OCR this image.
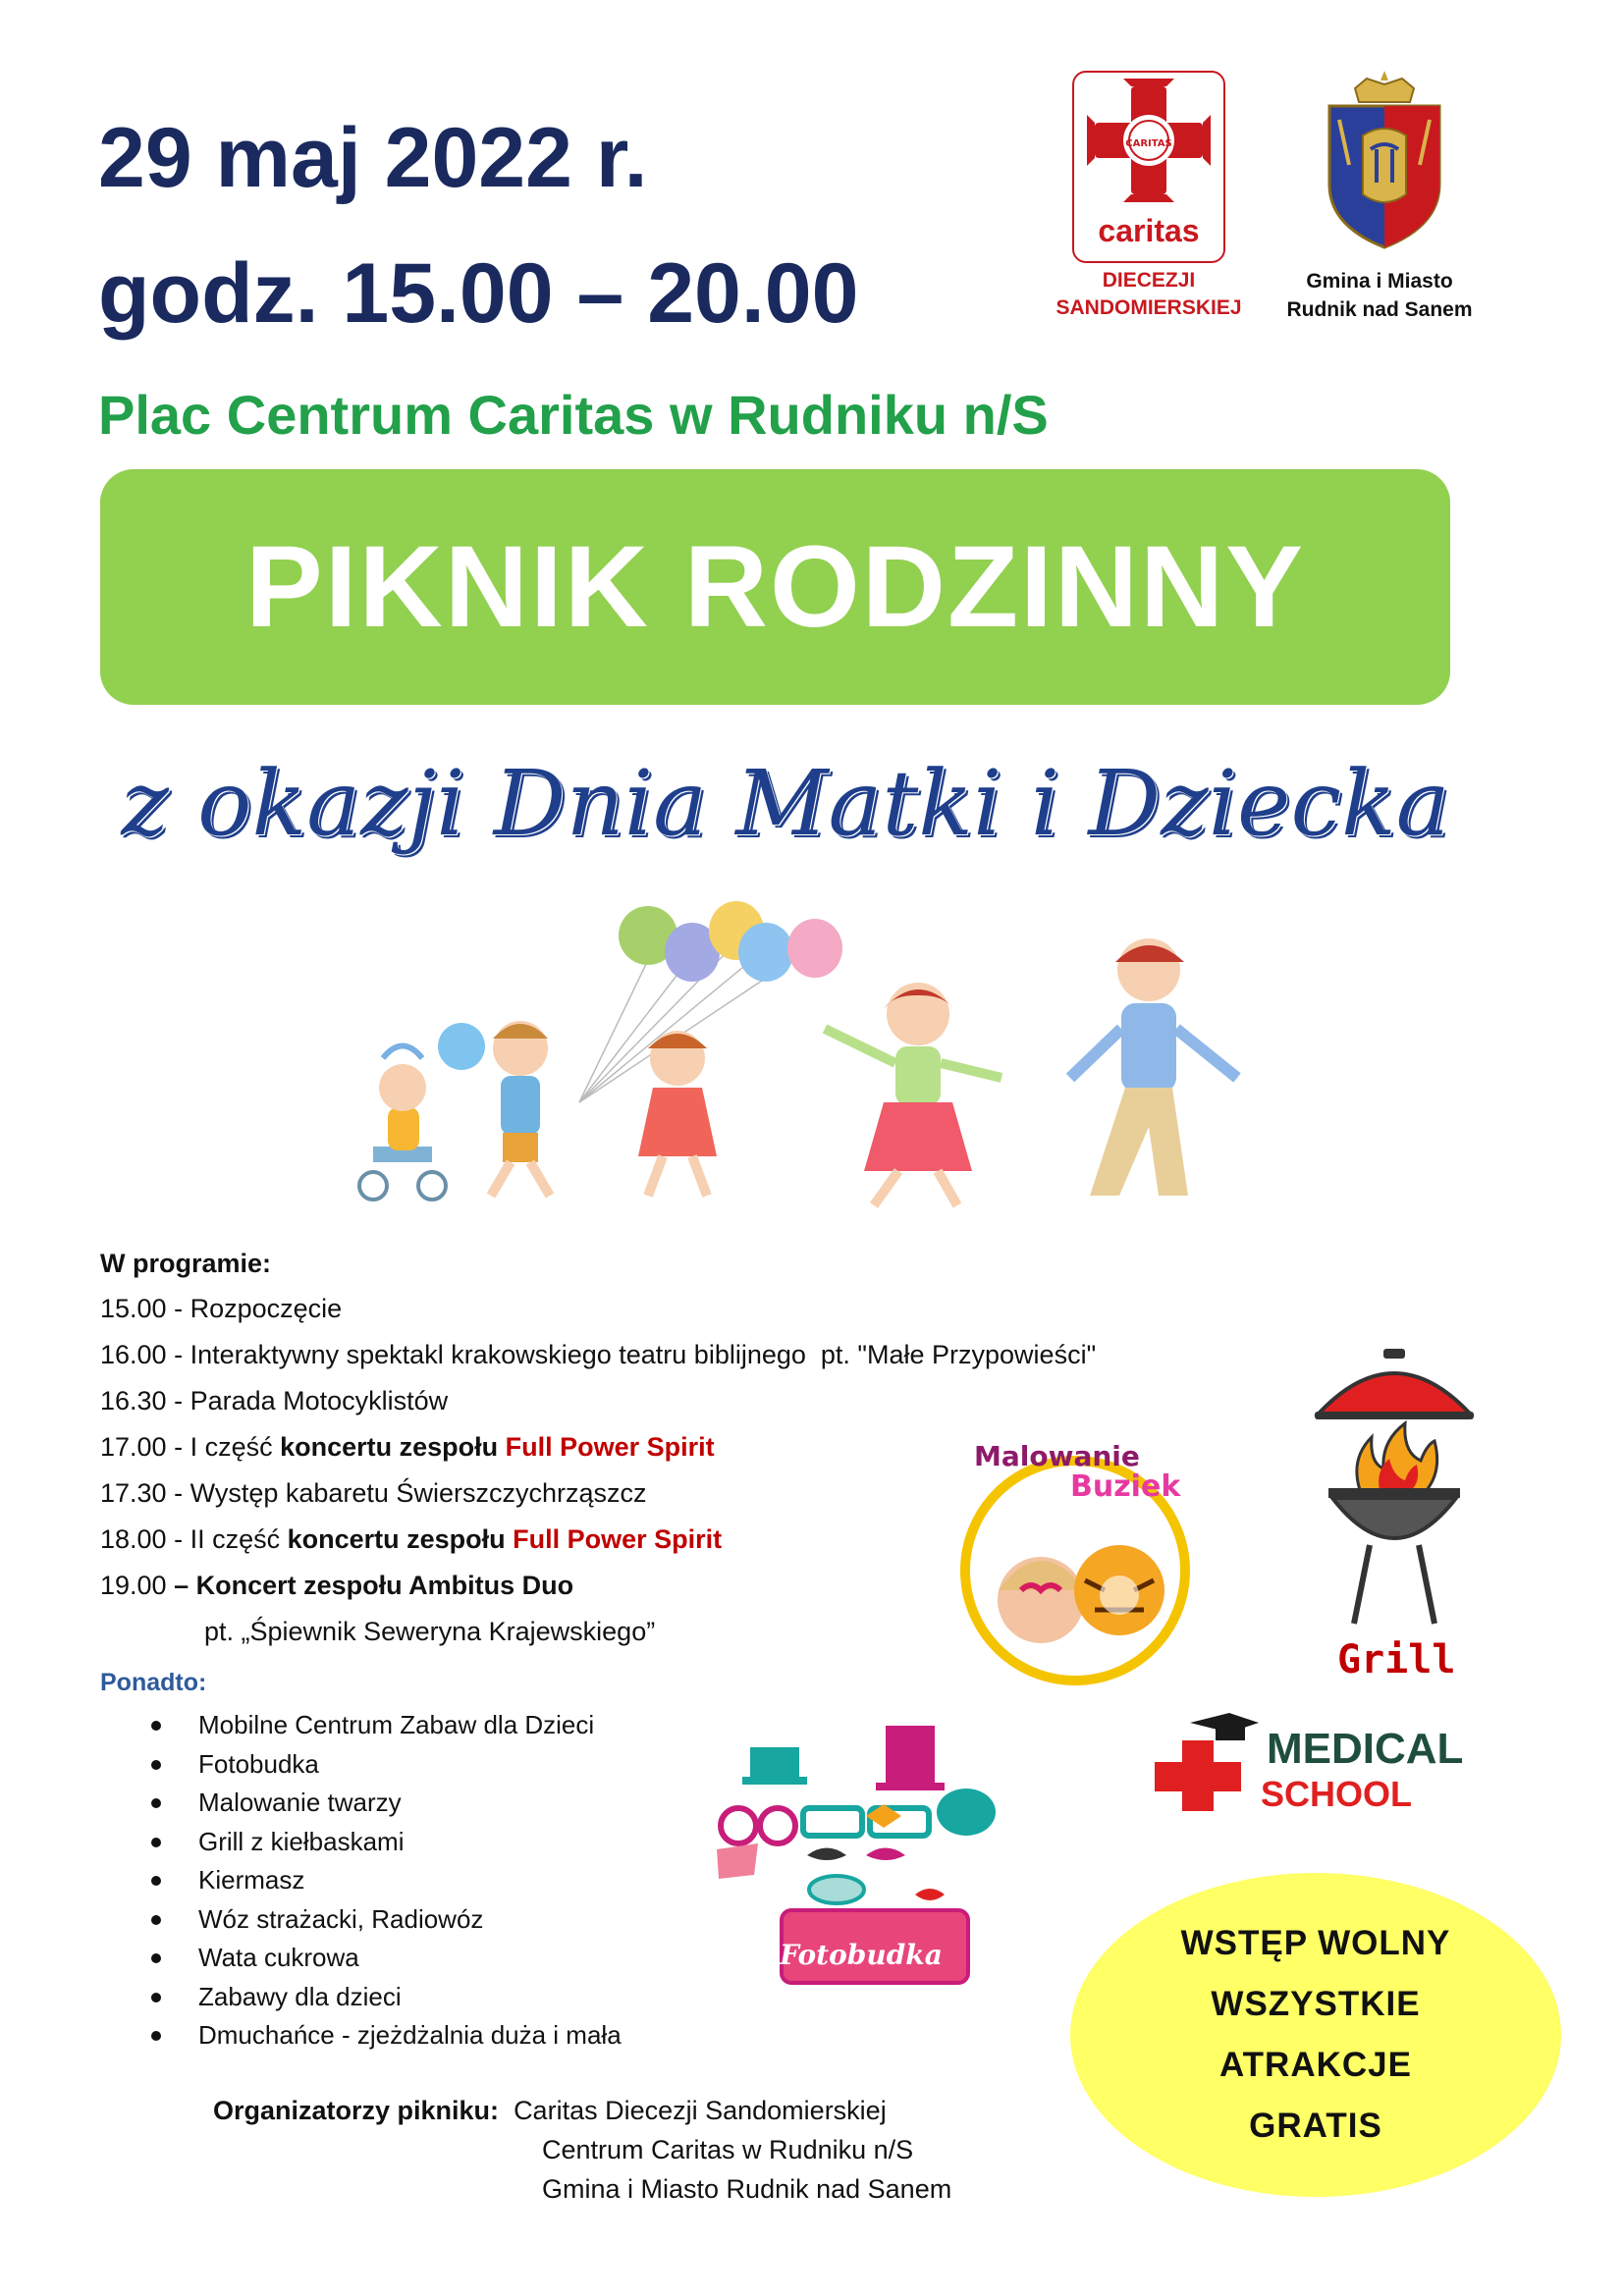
29 maj 2022 r.
godz. 15.00 – 20.00
Plac Centrum Caritas w Rudniku n/S
CARITAS
caritas
DIECEZJI
SANDOMIERSKIEJ
Gmina i Miasto
Rudnik nad Sanem
PIKNIK RODZINNY
z okazji Dnia Matki i Dziecka
W programie:
15.00 - Rozpoczęcie
16.00 - Interaktywny spektakl krakowskiego teatru biblijnego  pt. "Małe Przypowieści"
16.30 - Parada Motocyklistów
17.00 - I część koncertu zespołu Full Power Spirit
17.30 - Występ kabaretu Świerszczychrząszcz
18.00 - II część koncertu zespołu Full Power Spirit
19.00 – Koncert zespołu Ambitus Duo
pt. „Śpiewnik Seweryna Krajewskiego”
Ponadto:
Mobilne Centrum Zabaw dla Dzieci
Fotobudka
Malowanie twarzy
Grill z kiełbaskami
Kiermasz
Wóz strażacki, Radiowóz
Wata cukrowa
Zabawy dla dzieci
Dmuchańce - zjeżdżalnia duża i mała
Organizatorzy pikniku: Caritas Diecezji Sandomierskiej
Centrum Caritas w Rudniku n/S
Gmina i Miasto Rudnik nad Sanem
Malowanie
Buziek
Grill
MEDICAL
SCHOOL
Fotobudka	WSTĘP WOLNY
WSZYSTKIE
ATRAKCJE
GRATIS
